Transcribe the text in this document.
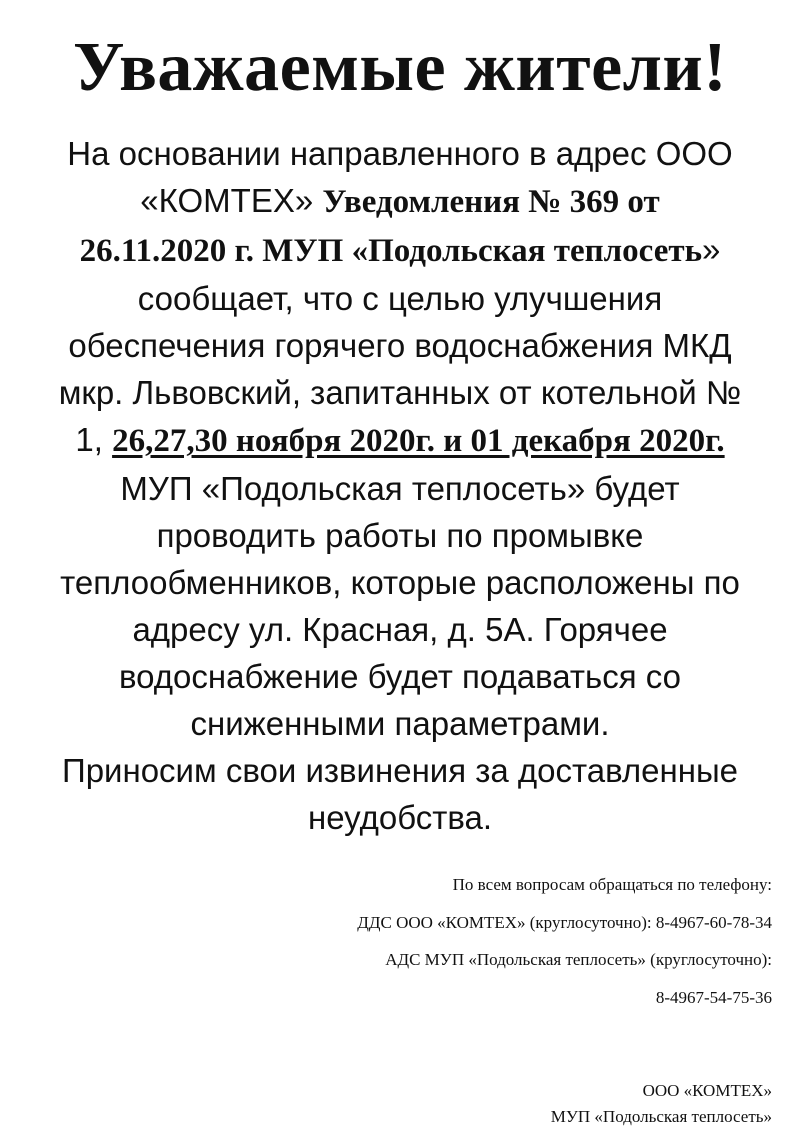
Уважаемые жители!
На основании направленного в адрес ООО
«КОМТЕХ» Уведомления № 369 от
26.11.2020 г. МУП «Подольская теплосеть»
сообщает, что с целью улучшения
обеспечения горячего водоснабжения МКД
мкр. Львовский, запитанных от котельной №
1, 26,27,30 ноября 2020г. и 01 декабря 2020г.
МУП «Подольская теплосеть» будет
проводить работы по промывке
теплообменников, которые расположены по
адресу ул. Красная, д. 5А. Горячее
водоснабжение будет подаваться со
сниженными параметрами.
Приносим свои извинения за доставленные
неудобства.
По всем вопросам обращаться по телефону:
ДДС ООО «КОМТЕХ» (круглосуточно): 8-4967-60-78-34
АДС МУП «Подольская теплосеть» (круглосуточно):
8-4967-54-75-36
ООО «КОМТЕХ»
МУП «Подольская теплосеть»
